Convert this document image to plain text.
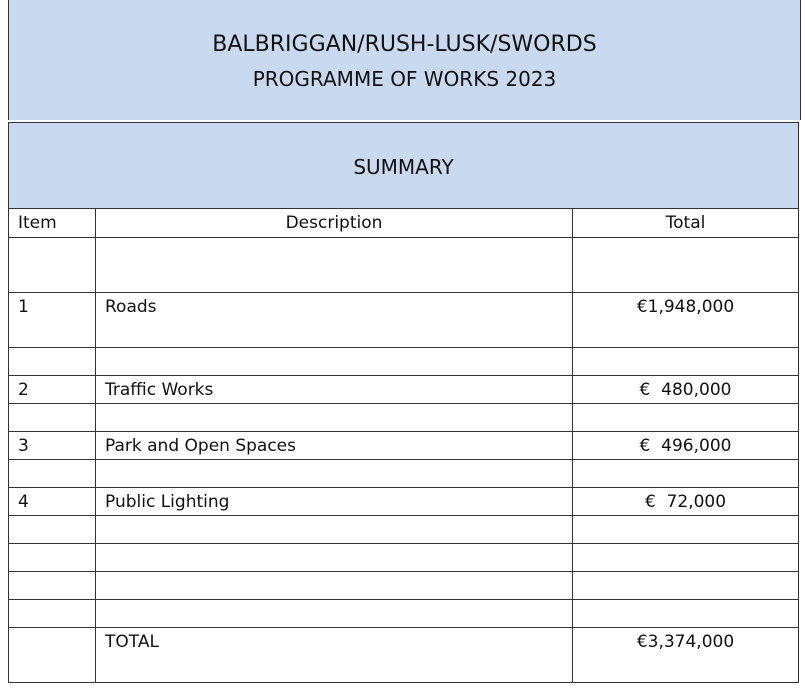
BALBRIGGAN/RUSH-LUSK/SWORDS
PROGRAMME OF WORKS 2023
SUMMARY
Item	Description	Total

1	Roads	€1,948,000

2	Traffic Works	€  480,000

3	Park and Open Spaces	€  496,000

4	Public Lighting	€  72,000

	TOTAL	€3,374,000
